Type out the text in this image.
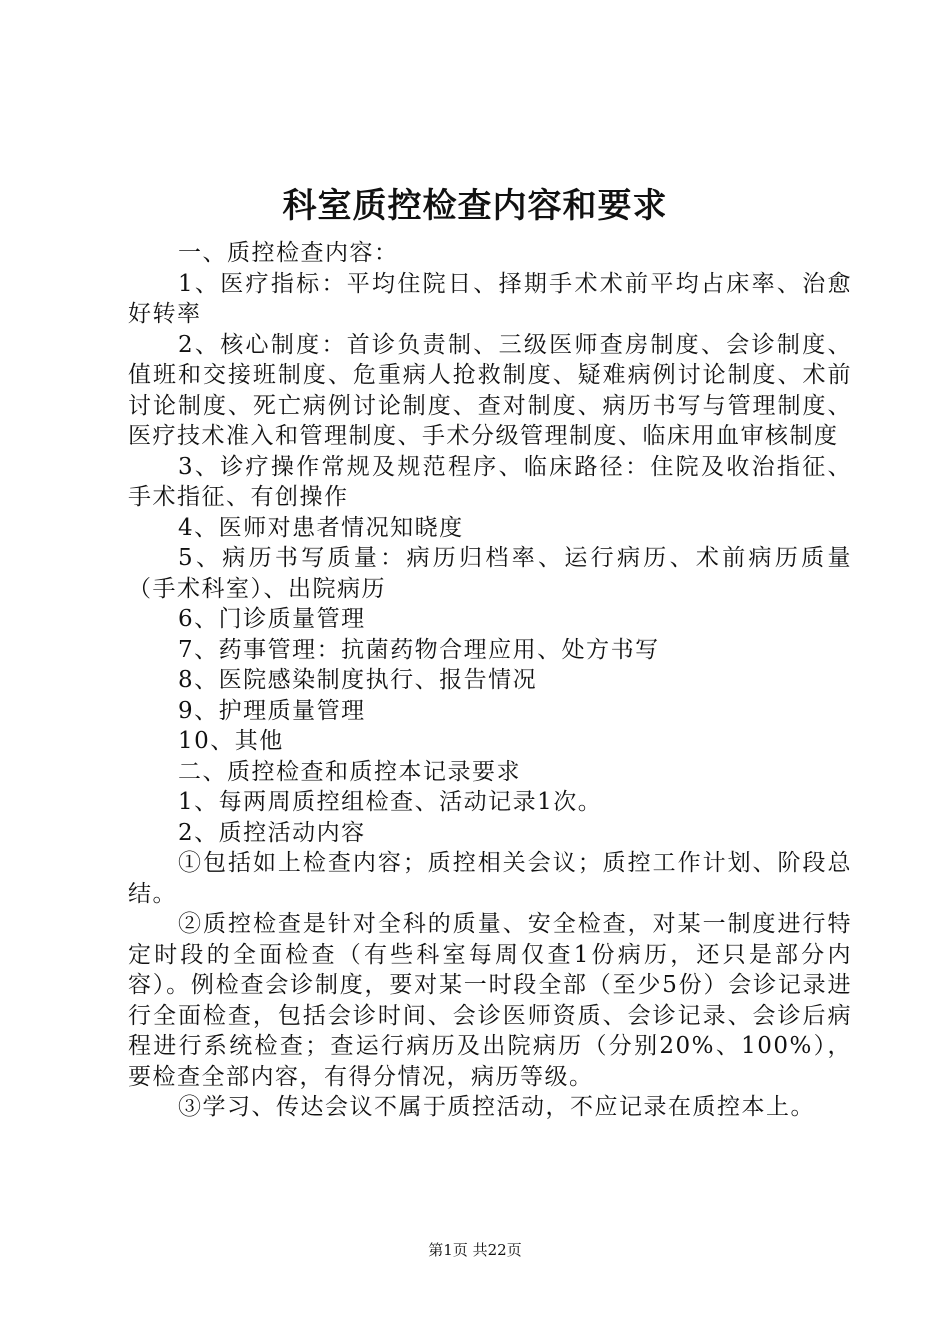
科室质控检查内容和要求

一、质控检查内容：

1、医疗指标：平均住院日、择期手术术前平均占床率、治愈好转率

2、核心制度：首诊负责制、三级医师查房制度、会诊制度、值班和交接班制度、危重病人抢救制度、疑难病例讨论制度、术前讨论制度、死亡病例讨论制度、查对制度、病历书写与管理制度、医疗技术准入和管理制度、手术分级管理制度、临床用血审核制度

3、诊疗操作常规及规范程序、临床路径：住院及收治指征、手术指征、有创操作

4、医师对患者情况知晓度

5、病历书写质量：病历归档率、运行病历、术前病历质量（手术科室）、出院病历

6、门诊质量管理

7、药事管理：抗菌药物合理应用、处方书写

8、医院感染制度执行、报告情况

9、护理质量管理

10、其他

二、质控检查和质控本记录要求

1、每两周质控组检查、活动记录1次。

2、质控活动内容

①包括如上检查内容；质控相关会议；质控工作计划、阶段总结。

②质控检查是针对全科的质量、安全检查，对某一制度进行特定时段的全面检查（有些科室每周仅查1份病历，还只是部分内容）。例检查会诊制度，要对某一时段全部（至少5份）会诊记录进行全面检查，包括会诊时间、会诊医师资质、会诊记录、会诊后病程进行系统检查；查运行病历及出院病历（分别20%、100%），要检查全部内容，有得分情况，病历等级。

③学习、传达会议不属于质控活动，不应记录在质控本上。

第1页 共22页
